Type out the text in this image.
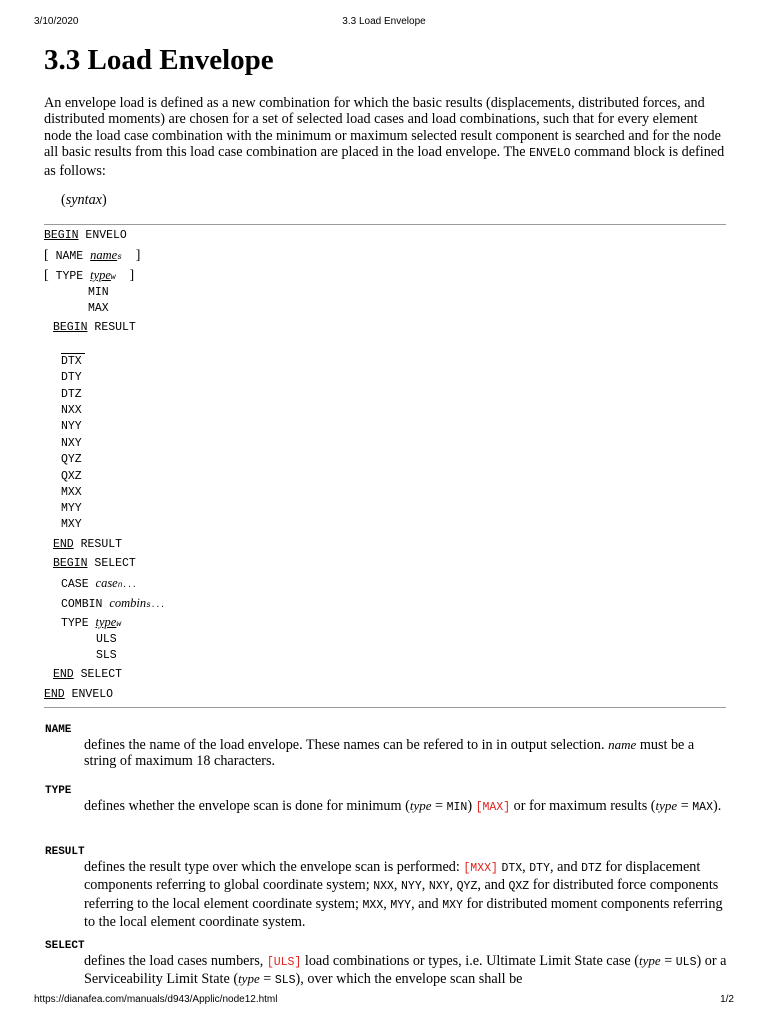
3/10/2020	3.3 Load Envelope
3.3 Load Envelope

An envelope load is defined as a new combination for which the basic results (displacements, distributed forces, and distributed moments) are chosen for a set of selected load cases and load combinations, such that for every element node the load case combination with the minimum or maximum selected result component is searched and for the node all basic results from this load case combination are placed in the load envelope. The ENVELO command block is defined as follows:

(syntax)
BEGIN ENVELO
[ NAME names ]
[ TYPE typew ]
MIN
MAX
BEGIN RESULT
DTX
DTY
DTZ
NXX
NYY
NXY
QYZ
QXZ
MXX
MYY
MXY
END RESULT
BEGIN SELECT
CASE casen...
COMBIN combins...
TYPE typew
ULS
SLS
END SELECT
END ENVELO
NAME
defines the name of the load envelope. These names can be refered to in in output selection. name must be a string of maximum 18 characters.
TYPE
defines whether the envelope scan is done for minimum (type = MIN) [MAX] or for maximum results (type = MAX).
RESULT
defines the result type over which the envelope scan is performed: [MXX] DTX, DTY, and DTZ for displacement components referring to global coordinate system; NXX, NYY, NXY, QYZ, and QXZ for distributed force components referring to the local element coordinate system; MXX, MYY, and MXY for distributed moment components referring to the local element coordinate system.
SELECT
defines the load cases numbers, [ULS] load combinations or types, i.e. Ultimate Limit State case (type = ULS) or a Serviceability Limit State (type = SLS), over which the envelope scan shall be
https://dianafea.com/manuals/d943/Applic/node12.html	1/2
